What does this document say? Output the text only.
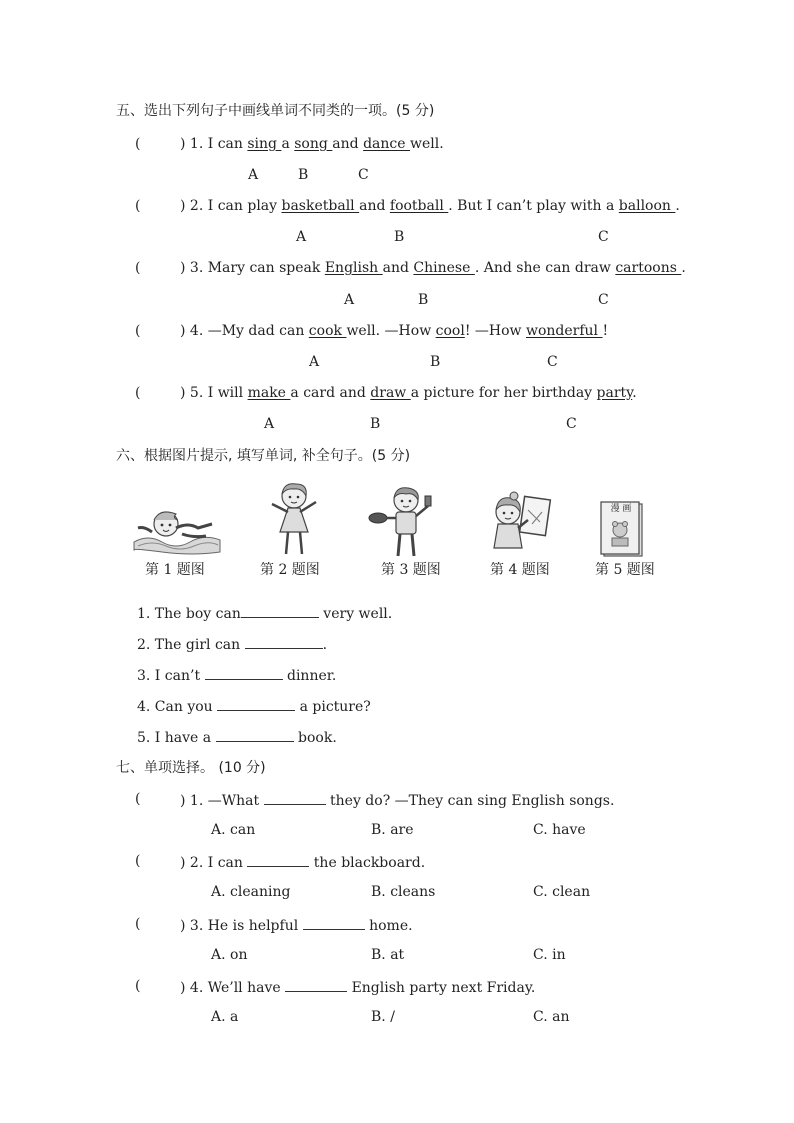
五、选出下列句子中画线单词不同类的一项。(5 分)
(	) 1. I can sing a song and dance well.
A	B	C
(	) 2. I can play basketball and football . But I can’t play with a balloon .
A	B	C
(	) 3. Mary can speak English and Chinese . And she can draw cartoons .
A	B	C
(	) 4. —My dad can cook well. —How cool! —How wonderful !
A	B	C
(	) 5. I will make a card and draw a picture for her birthday party.
A	B	C
六、根据图片提示, 填写单词, 补全句子。(5 分)
漫 画
第 1 题图	第 2 题图	第 3 题图	第 4 题图	第 5 题图
1. The boy can	very well.
2. The girl can	.
3. I can’t	dinner.
4. Can you	a picture?
5. I have a	book.
七、单项选择。 (10 分)
(	) 1. —What	they do? —They can sing English songs.
A. can	B. are	C. have
(	) 2. I can	the blackboard.
A. cleaning	B. cleans	C. clean
(	) 3. He is helpful	home.
A. on	B. at	C. in
(	) 4. We’ll have	English party next Friday.
A. a	B. /	C. an
